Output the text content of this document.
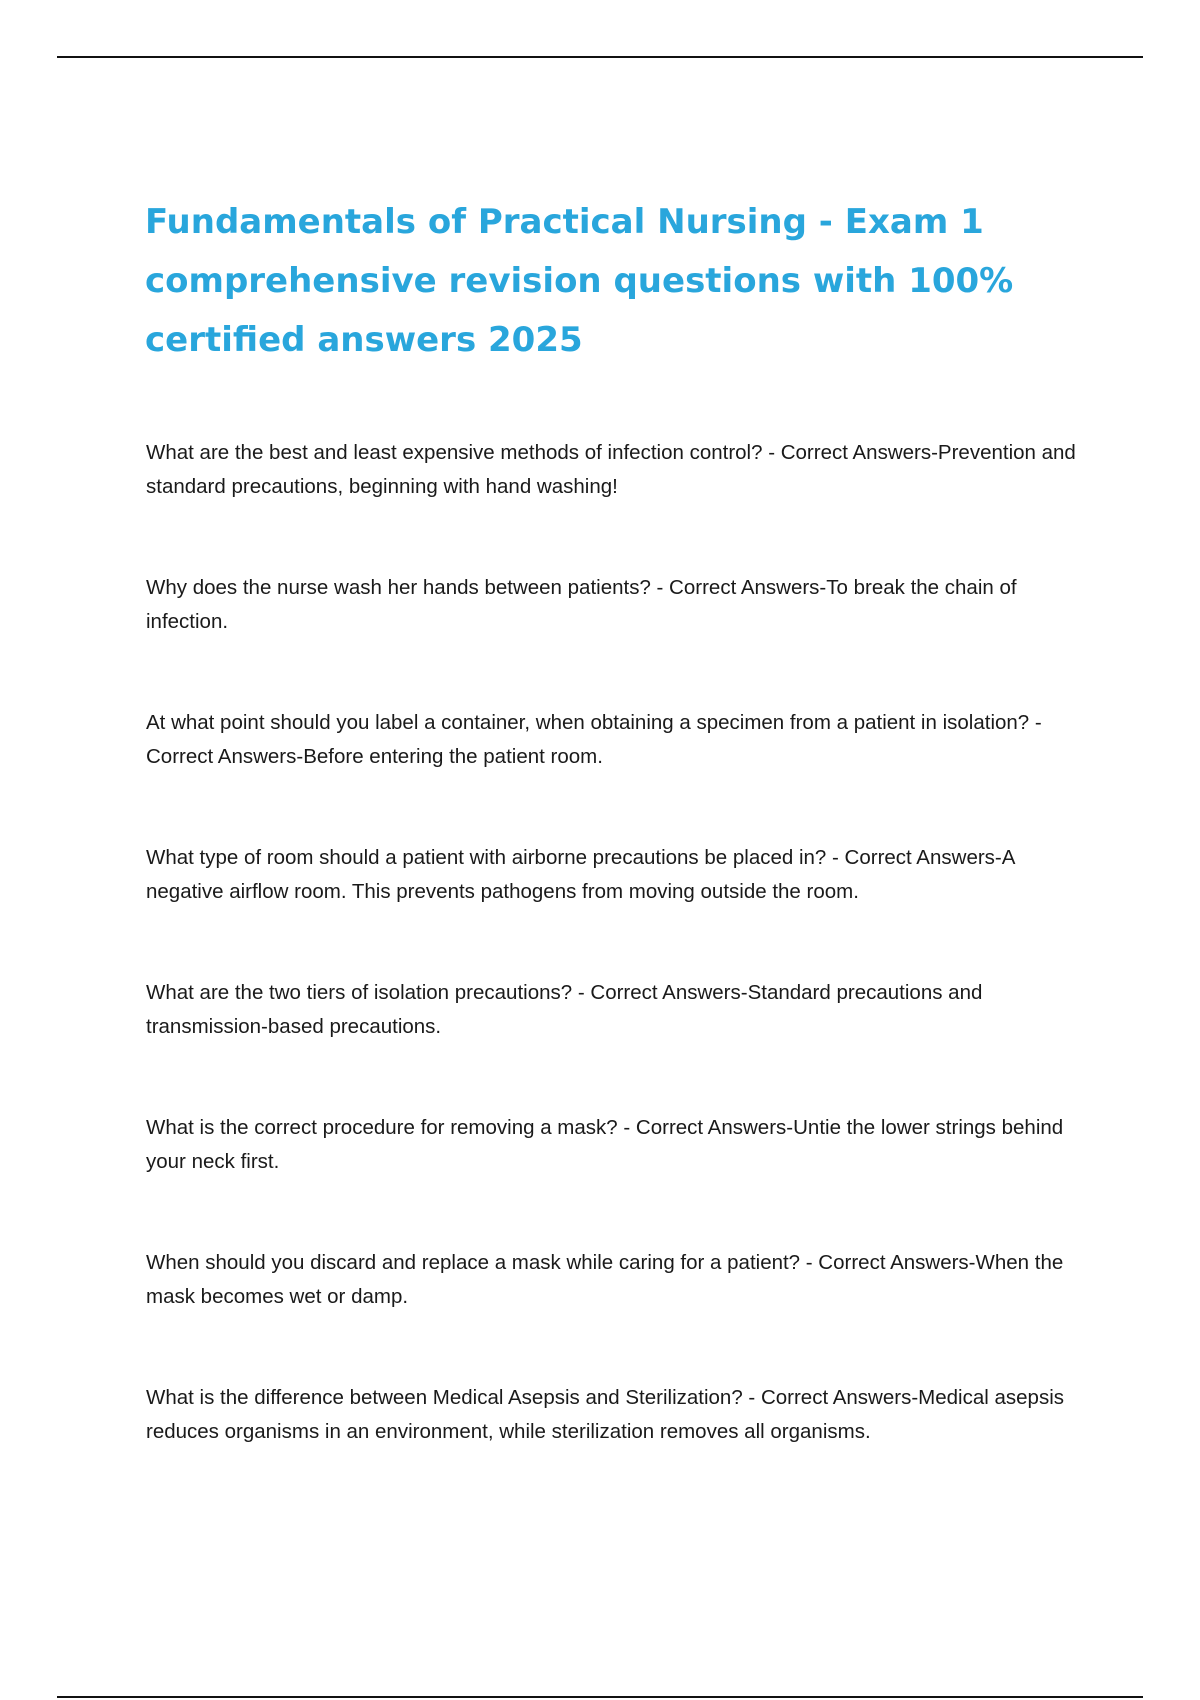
Fundamentals of Practical Nursing - Exam 1 comprehensive revision questions with 100% certified answers 2025
What are the best and least expensive methods of infection control? - Correct Answers-Prevention and standard precautions, beginning with hand washing!
Why does the nurse wash her hands between patients? - Correct Answers-To break the chain of infection.
At what point should you label a container, when obtaining a specimen from a patient in isolation? - Correct Answers-Before entering the patient room.
What type of room should a patient with airborne precautions be placed in? - Correct Answers-A negative airflow room. This prevents pathogens from moving outside the room.
What are the two tiers of isolation precautions? - Correct Answers-Standard precautions and transmission-based precautions.
What is the correct procedure for removing a mask? - Correct Answers-Untie the lower strings behind your neck first.
When should you discard and replace a mask while caring for a patient? - Correct Answers-When the mask becomes wet or damp.
What is the difference between Medical Asepsis and Sterilization? - Correct Answers-Medical asepsis reduces organisms in an environment, while sterilization removes all organisms.
